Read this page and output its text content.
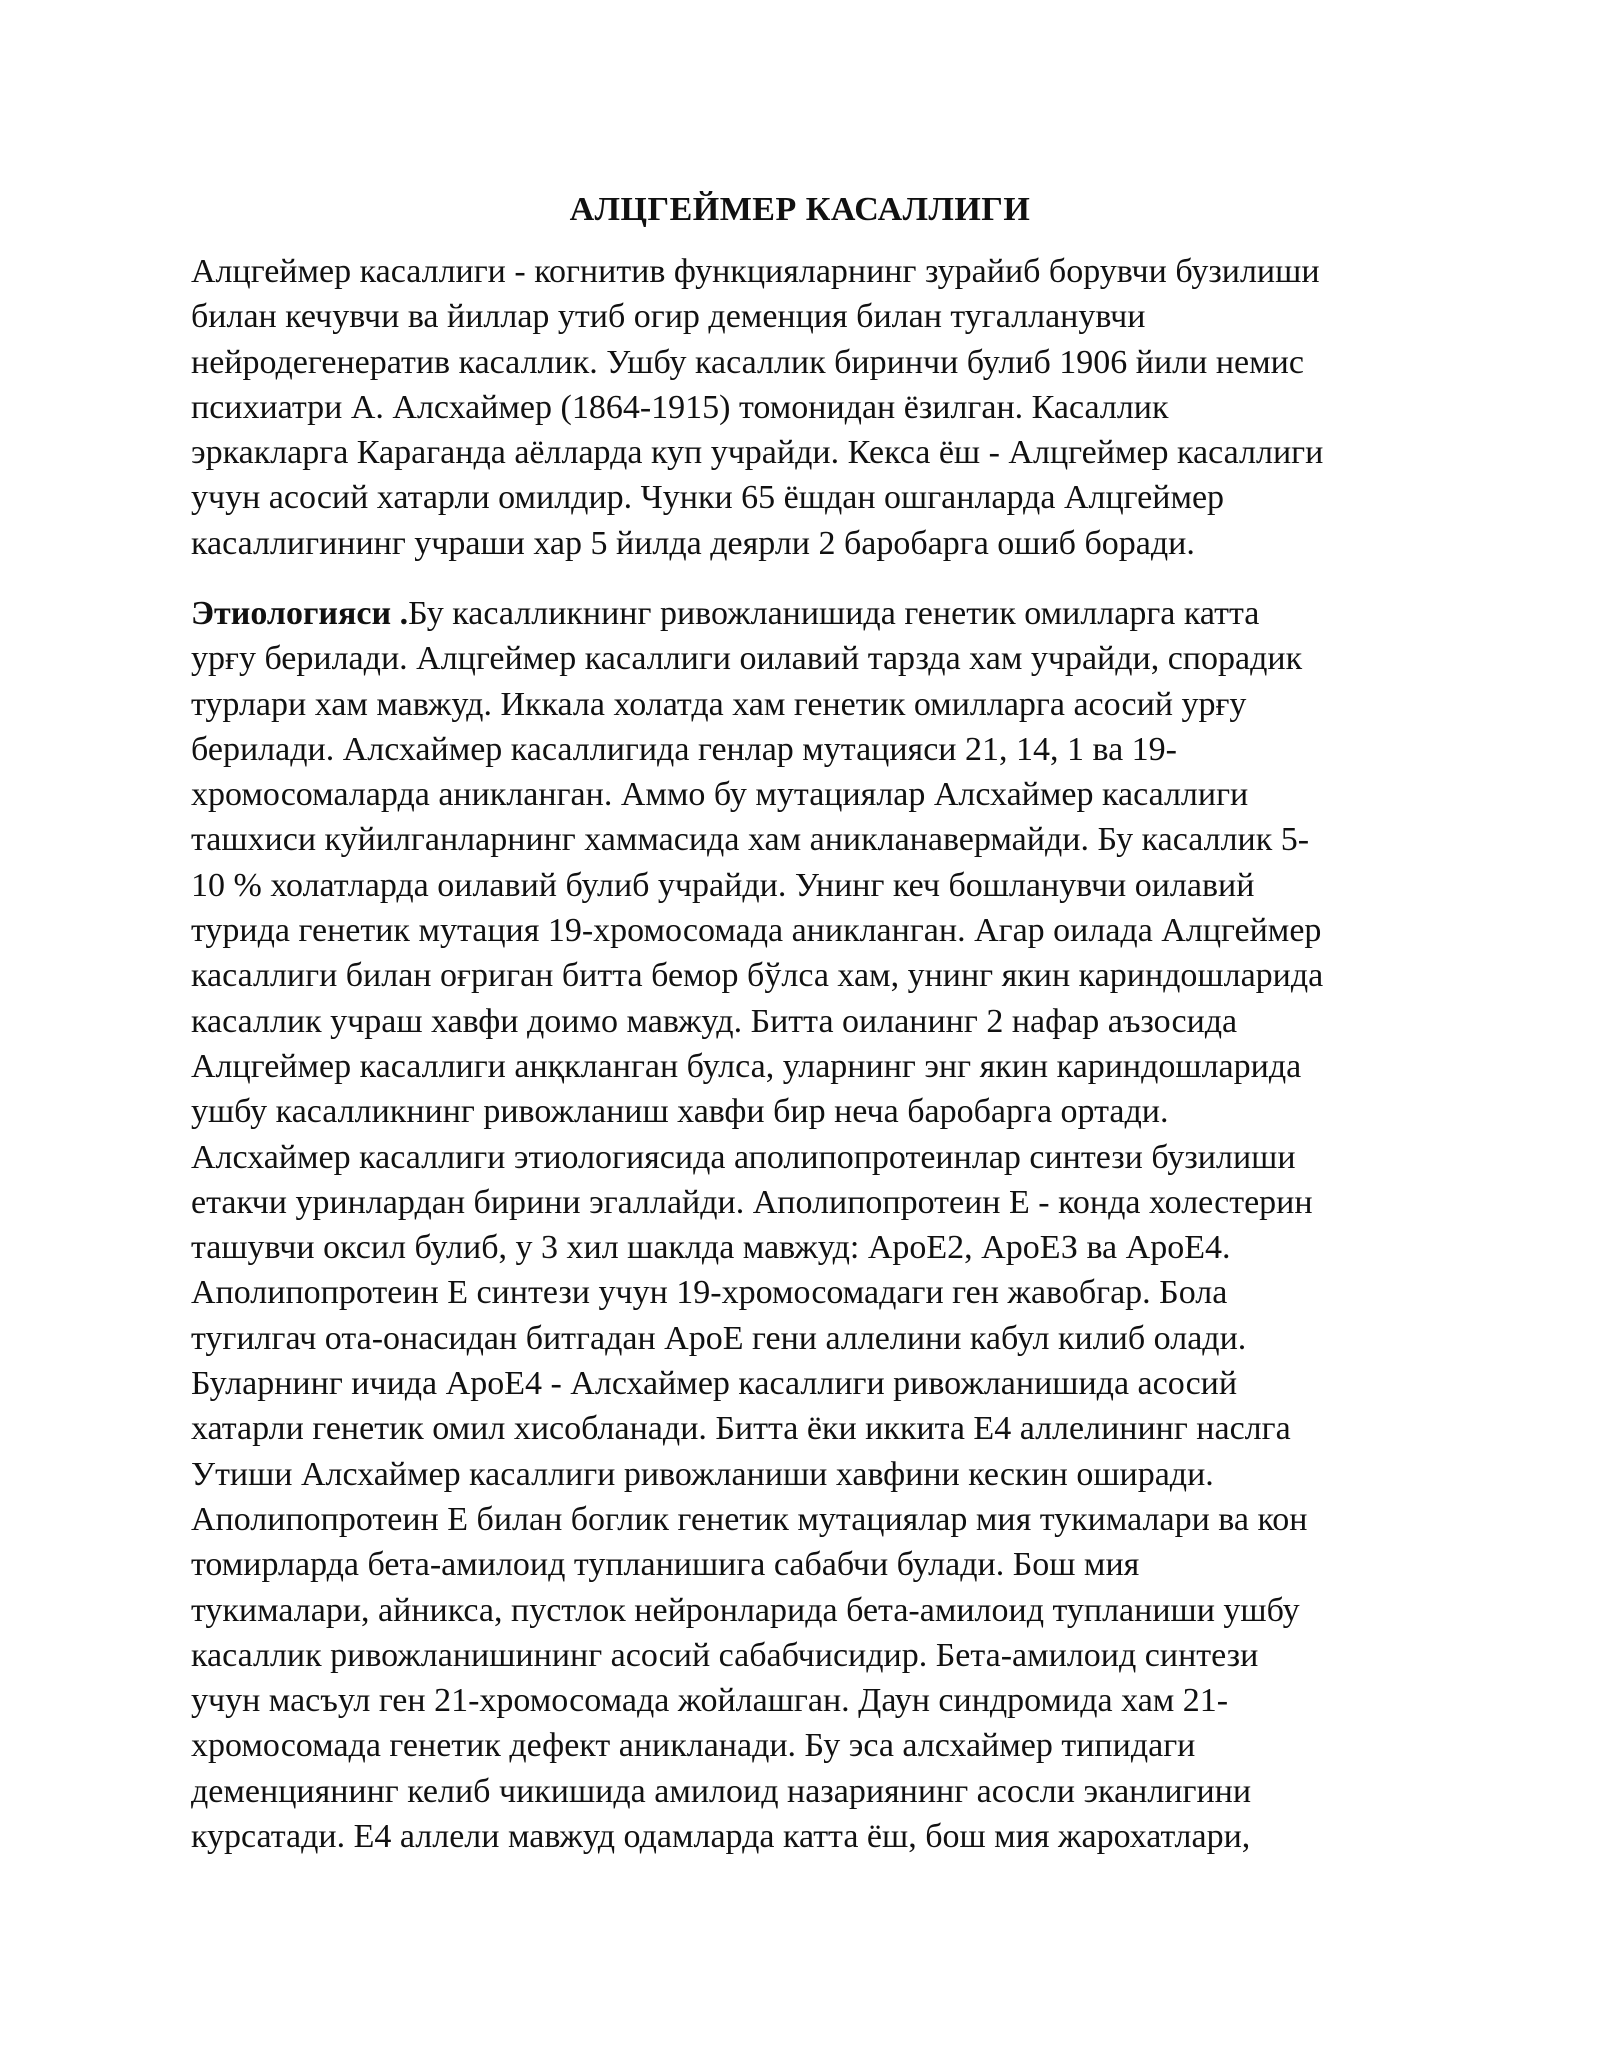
АЛЦГЕЙМЕР КАСАЛЛИГИ
Алцгеймер касаллиги - когнитив функцияларнинг зурайиб борувчи бузилиши
билан кечувчи ва йиллар утиб огир деменция билан тугалланувчи
нейродегенератив касаллик. Ушбу касаллик биринчи булиб 1906 йили немис
психиатри А. Алсхаймер (1864-1915) томонидан ёзилган. Касаллик
эркакларга Караганда аёлларда куп учрайди. Кекса ёш - Алцгеймер касаллиги
учун асосий хатарли омилдир. Чунки 65 ёшдан ошганларда Алцгеймер
касаллигининг учраши хар 5 йилда деярли 2 баробарга ошиб боради.
Этиологияси .Бу касалликнинг ривожланишида генетик омилларга катта
урғу берилади. Алцгеймер касаллиги оилавий тарзда хам учрайди, спорадик
турлари хам мавжуд. Иккала холатда хам генетик омилларга асосий урғу
берилади. Алсхаймер касаллигида генлар мутацияси 21, 14, 1 ва 19-
хромосомаларда аникланган. Аммо бу мутациялар Алсхаймер касаллиги
ташхиси куйилганларнинг хаммасида хам аникланавермайди. Бу касаллик 5-
10 % холатларда оилавий булиб учрайди. Унинг кеч бошланувчи оилавий
турида генетик мутация 19-хромосомада аникланган. Агар оилада Алцгеймер
касаллиги билан оғриган битта бемор бўлса хам, унинг якин кариндошларида
касаллик учраш хавфи доимо мавжуд. Битта оиланинг 2 нафар аъзосида
Алцгеймер касаллиги анқкланган булса, уларнинг энг якин кариндошларида
ушбу касалликнинг ривожланиш хавфи бир неча баробарга ортади.
Алсхаймер касаллиги этиологиясида аполипопротеинлар синтези бузилиши
етакчи уринлардан бирини эгаллайди. Аполипопротеин Е - конда холестерин
ташувчи оксил булиб, у 3 хил шаклда мавжуд: АроЕ2, АроЕЗ ва АроЕ4.
Аполипопротеин Е синтези учун 19-хромосомадаги ген жавобгар. Бола
тугилгач ота-онасидан битгадан АроЕ гени аллелини кабул килиб олади.
Буларнинг ичида АроЕ4 - Алсхаймер касаллиги ривожланишида асосий
хатарли генетик омил хисобланади. Битта ёки иккита Е4 аллелининг наслга
Утиши Алсхаймер касаллиги ривожланиши хавфини кескин оширади.
Аполипопротеин Е билан боглик генетик мутациялар мия тукималари ва кон
томирларда бета-амилоид тупланишига сабабчи булади. Бош мия
тукималари, айникса, пустлок нейронларида бета-амилоид тупланиши ушбу
касаллик ривожланишининг асосий сабабчисидир. Бета-амилоид синтези
учун масъул ген 21-хромосомада жойлашган. Даун синдромида хам 21-
хромосомада генетик дефект аникланади. Бу эса алсхаймер типидаги
деменциянинг келиб чикишида амилоид назариянинг асосли эканлигини
курсатади. Е4 аллели мавжуд одамларда катта ёш, бош мия жарохатлари,
